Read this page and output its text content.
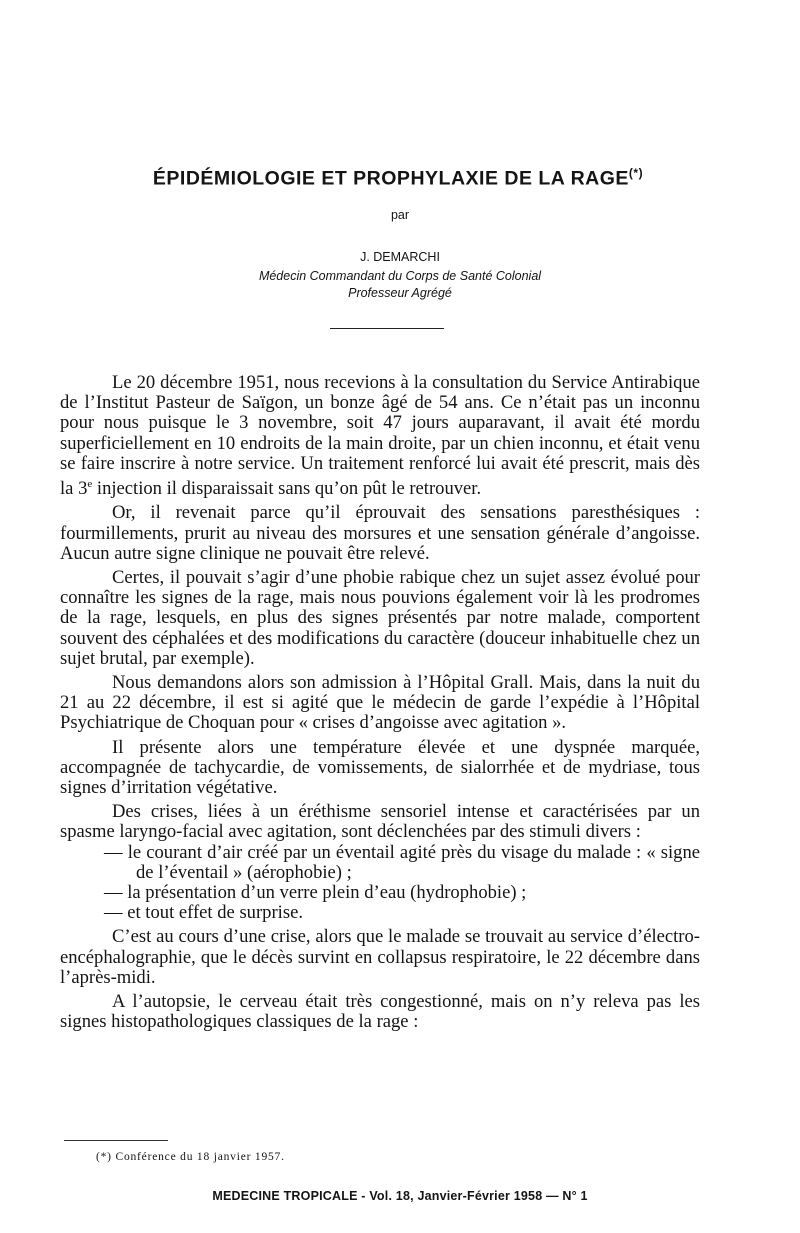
ÉPIDÉMIOLOGIE ET PROPHYLAXIE DE LA RAGE(*)
par
J. DEMARCHI
Médecin Commandant du Corps de Santé Colonial
Professeur Agrégé

Le 20 décembre 1951, nous recevions à la consultation du Service Antirabique de l’Institut Pasteur de Saïgon, un bonze âgé de 54 ans. Ce n’était pas un inconnu pour nous puisque le 3 novembre, soit 47 jours auparavant, il avait été mordu superficiellement en 10 endroits de la main droite, par un chien inconnu, et était venu se faire inscrire à notre service. Un traitement renforcé lui avait été prescrit, mais dès la 3e injection il disparaissait sans qu’on pût le retrouver.

Or, il revenait parce qu’il éprouvait des sensations paresthésiques : fourmillements, prurit au niveau des morsures et une sensation générale d’angoisse. Aucun autre signe clinique ne pouvait être relevé.

Certes, il pouvait s’agir d’une phobie rabique chez un sujet assez évolué pour connaître les signes de la rage, mais nous pouvions également voir là les prodromes de la rage, lesquels, en plus des signes présentés par notre malade, comportent souvent des céphalées et des modifications du caractère (douceur inhabituelle chez un sujet brutal, par exemple).

Nous demandons alors son admission à l’Hôpital Grall. Mais, dans la nuit du 21 au 22 décembre, il est si agité que le médecin de garde l’expédie à l’Hôpital Psychiatrique de Choquan pour « crises d’angoisse avec agitation ».

Il présente alors une température élevée et une dyspnée marquée, accompagnée de tachycardie, de vomissements, de sialorrhée et de mydriase, tous signes d’irritation végétative.

Des crises, liées à un éréthisme sensoriel intense et caractérisées par un spasme laryngo-facial avec agitation, sont déclenchées par des stimuli divers :

— le courant d’air créé par un éventail agité près du visage du malade : « signe de l’éventail » (aérophobie) ;
— la présentation d’un verre plein d’eau (hydrophobie) ;
— et tout effet de surprise.

C’est au cours d’une crise, alors que le malade se trouvait au service d’électro-encéphalographie, que le décès survint en collapsus respiratoire, le 22 décembre dans l’après-midi.

A l’autopsie, le cerveau était très congestionné, mais on n’y releva pas les signes histopathologiques classiques de la rage :

(*) Conférence du 18 janvier 1957.
MEDECINE TROPICALE - Vol. 18, Janvier-Février 1958 — N° 1
